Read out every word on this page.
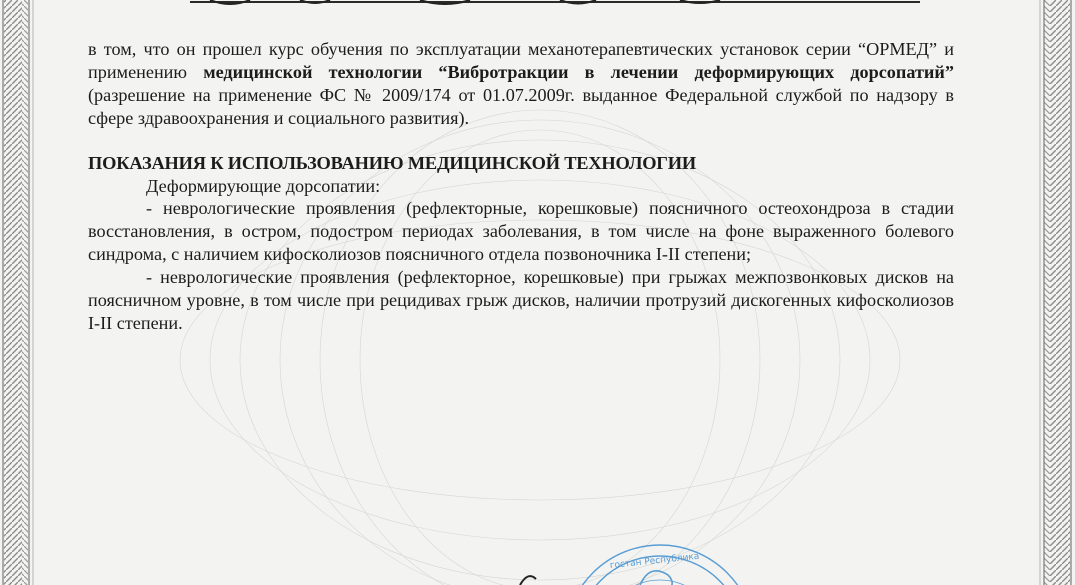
гостан Республика

в том, что он прошел курс обучения по эксплуатации механотерапевтических установок серии “ОРМЕД” и применению медицинской технологии “Вибротракции в лечении деформирующих дорсопатий” (разрешение на применение ФС № 2009/174 от 01.07.2009г. выданное Федеральной службой по надзору в сфере здравоохранения и социального развития).

ПОКАЗАНИЯ К ИСПОЛЬЗОВАНИЮ МЕДИЦИНСКОЙ ТЕХНОЛОГИИ

Деформирующие дорсопатии:

- неврологические проявления (рефлекторные, корешковые) поясничного остеохондроза в стадии восстановления, в остром, подостром периодах заболевания, в том числе на фоне выраженного болевого синдрома, с наличием кифосколиозов поясничного отдела позвоночника I-II степени;

- неврологические проявления (рефлекторное, корешковые) при грыжах межпозвонковых дисков на поясничном уровне, в том числе при рецидивах грыж дисков, наличии протрузий дискогенных кифосколиозов I-II степени.
